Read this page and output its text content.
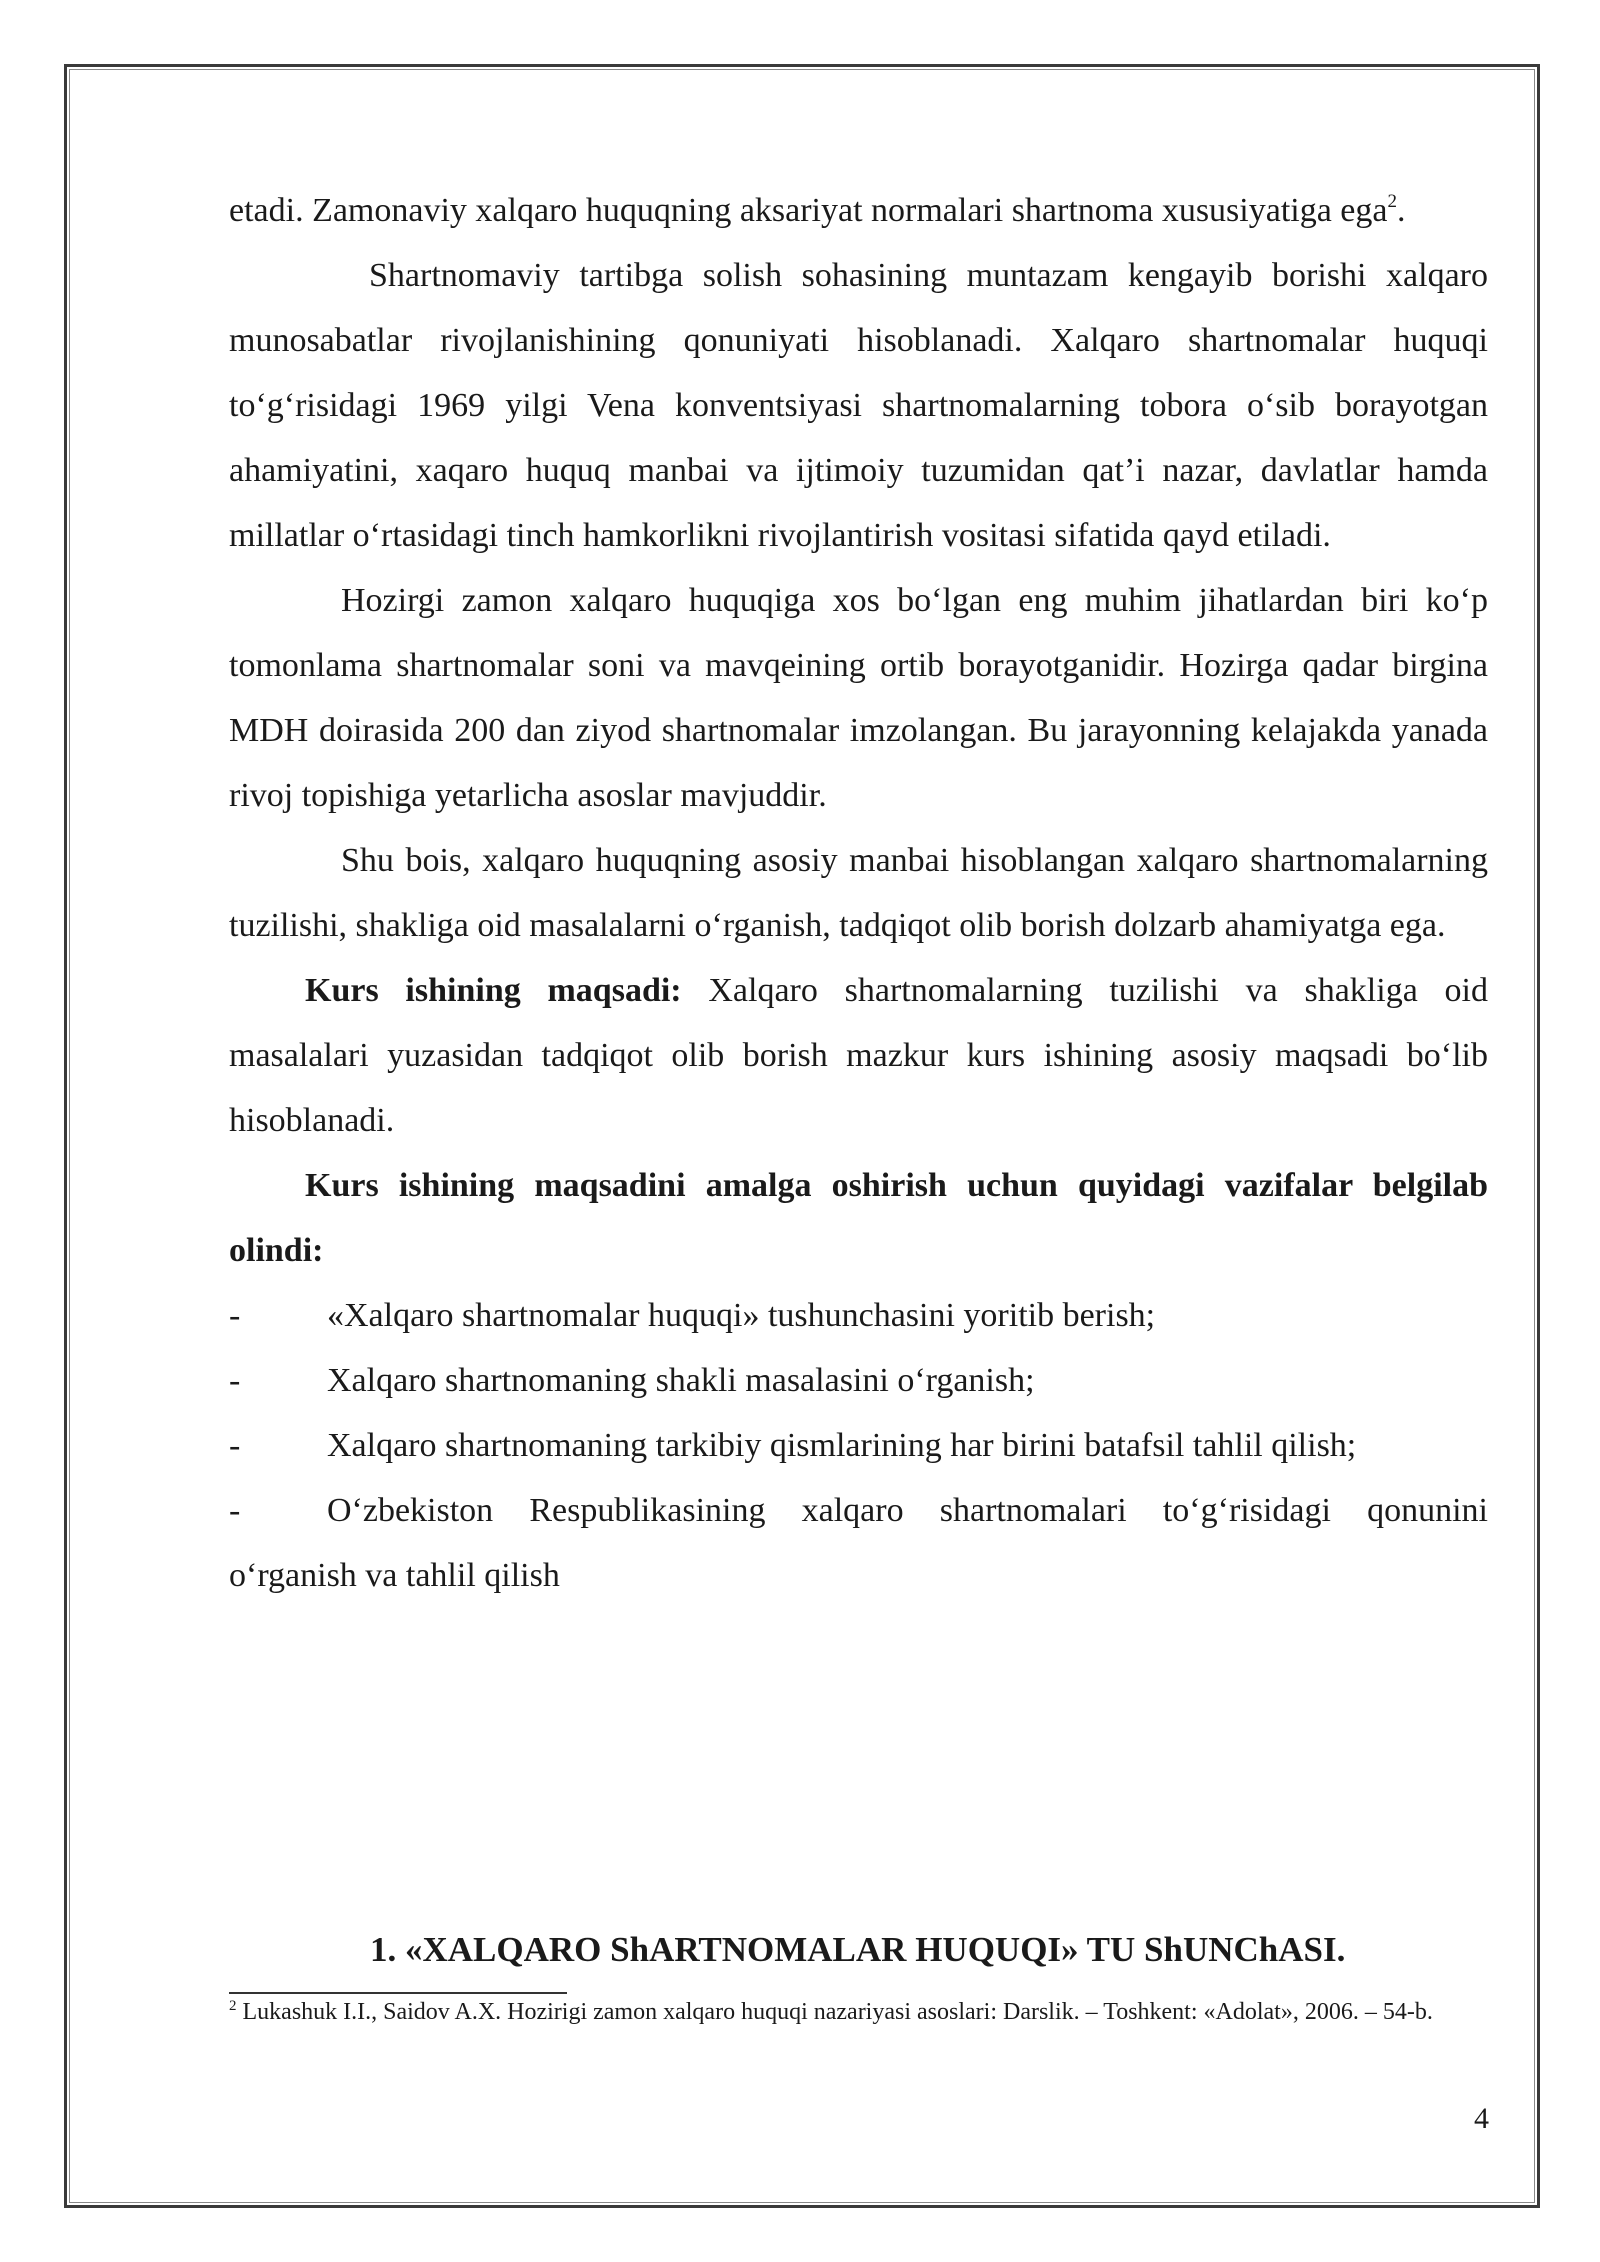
etadi. Zamonaviy xalqaro huquqning aksariyat normalari shartnoma xususiyatiga ega$^2$.

Shartnomaviy tartibga solish sohasining muntazam kengayib borishi xalqaro munosabatlar rivojlanishining qonuniyati hisoblanadi. Xalqaro shartnomalar huquqi to‘g‘risidagi 1969 yilgi Vena konventsiyasi shartnomalarning tobora o‘sib borayotgan ahamiyatini, xaqaro huquq manbai va ijtimoiy tuzumidan qat’i nazar, davlatlar hamda millatlar o‘rtasidagi tinch hamkorlikni rivojlantirish vositasi sifatida qayd etiladi.

Hozirgi zamon xalqaro huquqiga xos bo‘lgan eng muhim jihatlardan biri ko‘p tomonlama shartnomalar soni va mavqeining ortib borayotganidir. Hozirga qadar birgina MDH doirasida 200 dan ziyod shartnomalar imzolangan. Bu jarayonning kelajakda yanada rivoj topishiga yetarlicha asoslar mavjuddir.

Shu bois, xalqaro huquqning asosiy manbai hisoblangan xalqaro shartnomalarning tuzilishi, shakliga oid masalalarni o‘rganish, tadqiqot olib borish dolzarb ahamiyatga ega.

Kurs ishining maqsadi: Xalqaro shartnomalarning tuzilishi va shakliga oid masalalari yuzasidan tadqiqot olib borish mazkur kurs ishining asosiy maqsadi bo‘lib hisoblanadi.

Kurs ishining maqsadini amalga oshirish uchun quyidagi vazifalar belgilab olindi:

-	«Xalqaro shartnomalar huquqi» tushunchasini yoritib berish;
-	Xalqaro shartnomaning shakli masalasini o‘rganish;
-	Xalqaro shartnomaning tarkibiy qismlarining har birini batafsil tahlil qilish;
-	O‘zbekiston Respublikasining xalqaro shartnomalari to‘g‘risidagi qonunini

o‘rganish va tahlil qilish

1. «XALQARO ShARTNOMALAR HUQUQI» TU ShUNChASI.
$^2$ Lukashuk I.I., Saidov A.X. Hozirigi zamon xalqaro huquqi nazariyasi asoslari: Darslik. – Toshkent: «Adolat», 2006. – 54-b.
4
